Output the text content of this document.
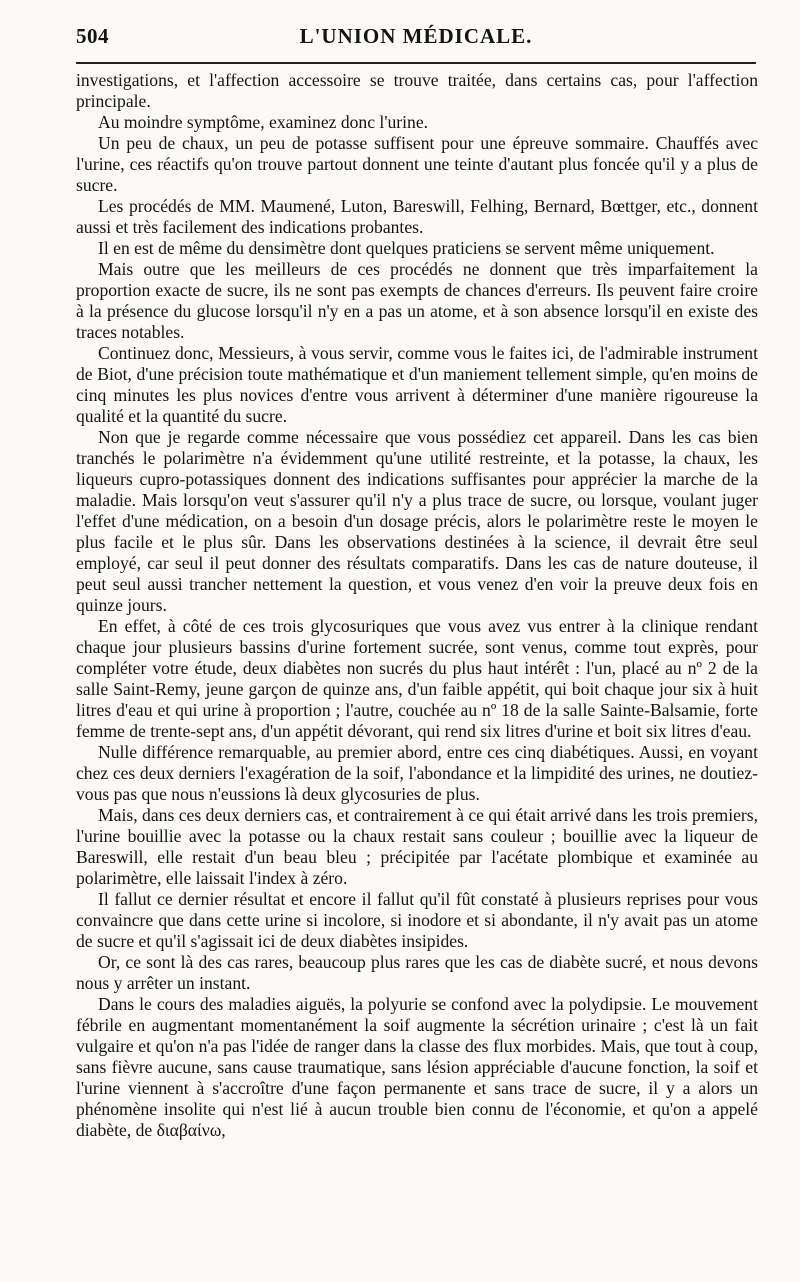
504	L'UNION MÉDICALE.

investigations, et l'affection accessoire se trouve traitée, dans certains cas, pour l'affection principale.

Au moindre symptôme, examinez donc l'urine.

Un peu de chaux, un peu de potasse suffisent pour une épreuve sommaire. Chauffés avec l'urine, ces réactifs qu'on trouve partout donnent une teinte d'autant plus foncée qu'il y a plus de sucre.

Les procédés de MM. Maumené, Luton, Bareswill, Felhing, Bernard, Bœttger, etc., donnent aussi et très facilement des indications probantes.

Il en est de même du densimètre dont quelques praticiens se servent même uniquement.

Mais outre que les meilleurs de ces procédés ne donnent que très imparfaitement la proportion exacte de sucre, ils ne sont pas exempts de chances d'erreurs. Ils peuvent faire croire à la présence du glucose lorsqu'il n'y en a pas un atome, et à son absence lorsqu'il en existe des traces notables.

Continuez donc, Messieurs, à vous servir, comme vous le faites ici, de l'admirable instrument de Biot, d'une précision toute mathématique et d'un maniement tellement simple, qu'en moins de cinq minutes les plus novices d'entre vous arrivent à déterminer d'une manière rigoureuse la qualité et la quantité du sucre.

Non que je regarde comme nécessaire que vous possédiez cet appareil. Dans les cas bien tranchés le polarimètre n'a évidemment qu'une utilité restreinte, et la potasse, la chaux, les liqueurs cupro-potassiques donnent des indications suffisantes pour apprécier la marche de la maladie. Mais lorsqu'on veut s'assurer qu'il n'y a plus trace de sucre, ou lorsque, voulant juger l'effet d'une médication, on a besoin d'un dosage précis, alors le polarimètre reste le moyen le plus facile et le plus sûr. Dans les observations destinées à la science, il devrait être seul employé, car seul il peut donner des résultats comparatifs. Dans les cas de nature douteuse, il peut seul aussi trancher nettement la question, et vous venez d'en voir la preuve deux fois en quinze jours.

En effet, à côté de ces trois glycosuriques que vous avez vus entrer à la clinique rendant chaque jour plusieurs bassins d'urine fortement sucrée, sont venus, comme tout exprès, pour compléter votre étude, deux diabètes non sucrés du plus haut intérêt : l'un, placé au nº 2 de la salle Saint-Remy, jeune garçon de quinze ans, d'un faible appétit, qui boit chaque jour six à huit litres d'eau et qui urine à proportion ; l'autre, couchée au nº 18 de la salle Sainte-Balsamie, forte femme de trente-sept ans, d'un appétit dévorant, qui rend six litres d'urine et boit six litres d'eau.

Nulle différence remarquable, au premier abord, entre ces cinq diabétiques. Aussi, en voyant chez ces deux derniers l'exagération de la soif, l'abondance et la limpidité des urines, ne doutiez-vous pas que nous n'eussions là deux glycosuries de plus.

Mais, dans ces deux derniers cas, et contrairement à ce qui était arrivé dans les trois premiers, l'urine bouillie avec la potasse ou la chaux restait sans couleur ; bouillie avec la liqueur de Bareswill, elle restait d'un beau bleu ; précipitée par l'acétate plombique et examinée au polarimètre, elle laissait l'index à zéro.

Il fallut ce dernier résultat et encore il fallut qu'il fût constaté à plusieurs reprises pour vous convaincre que dans cette urine si incolore, si inodore et si abondante, il n'y avait pas un atome de sucre et qu'il s'agissait ici de deux diabètes insipides.

Or, ce sont là des cas rares, beaucoup plus rares que les cas de diabète sucré, et nous devons nous y arrêter un instant.

Dans le cours des maladies aiguës, la polyurie se confond avec la polydipsie. Le mouvement fébrile en augmentant momentanément la soif augmente la sécrétion urinaire ; c'est là un fait vulgaire et qu'on n'a pas l'idée de ranger dans la classe des flux morbides. Mais, que tout à coup, sans fièvre aucune, sans cause traumatique, sans lésion appréciable d'aucune fonction, la soif et l'urine viennent à s'accroître d'une façon permanente et sans trace de sucre, il y a alors un phénomène insolite qui n'est lié à aucun trouble bien connu de l'économie, et qu'on a appelé diabète, de διαβαίνω,
